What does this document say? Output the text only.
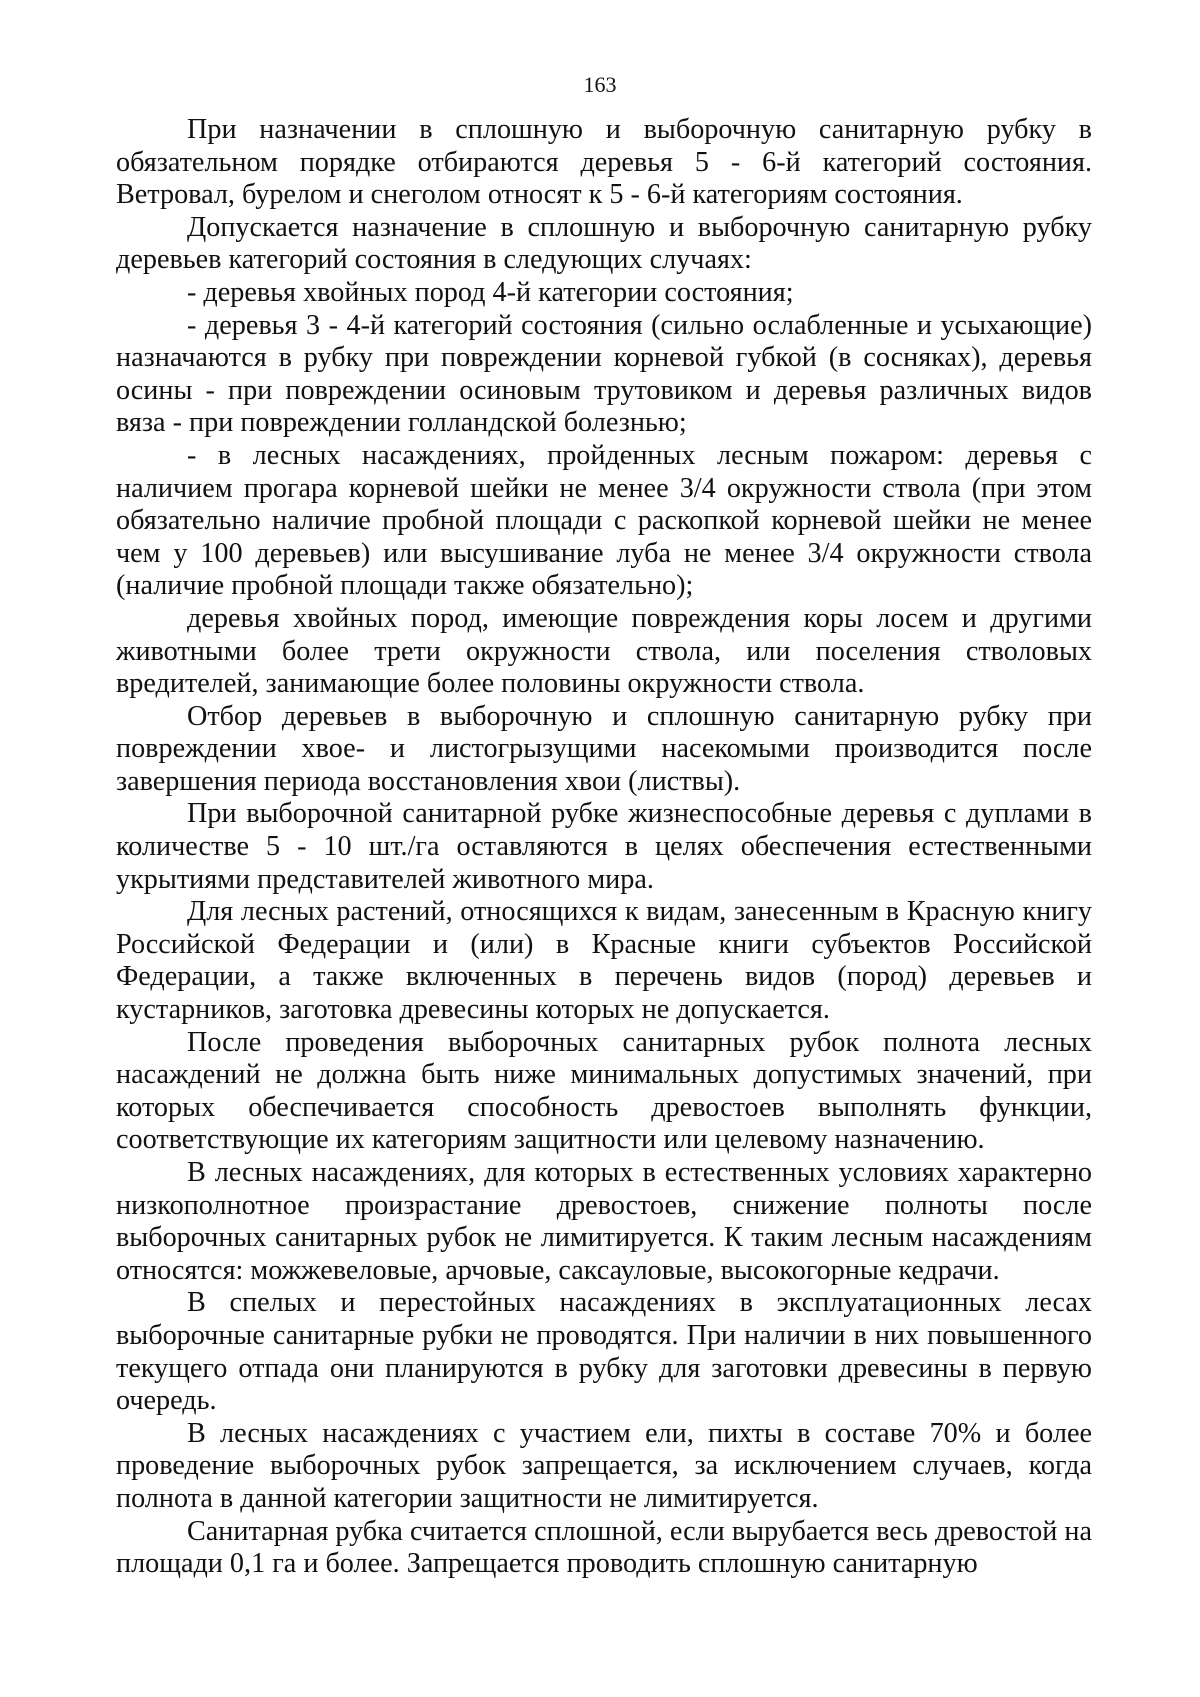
163

При назначении в сплошную и выборочную санитарную рубку в обязательном порядке отбираются деревья 5 - 6-й категорий состояния. Ветровал, бурелом и снеголом относят к 5 - 6-й категориям состояния.

Допускается назначение в сплошную и выборочную санитарную рубку деревьев категорий состояния в следующих случаях:

- деревья хвойных пород 4-й категории состояния;

- деревья 3 - 4-й категорий состояния (сильно ослабленные и усыхающие) назначаются в рубку при повреждении корневой губкой (в сосняках), деревья осины - при повреждении осиновым трутовиком и деревья различных видов вяза - при повреждении голландской болезнью;

- в лесных насаждениях, пройденных лесным пожаром: деревья с наличием прогара корневой шейки не менее 3/4 окружности ствола (при этом обязательно наличие пробной площади с раскопкой корневой шейки не менее чем у 100 деревьев) или высушивание луба не менее 3/4 окружности ствола (наличие пробной площади также обязательно);

деревья хвойных пород, имеющие повреждения коры лосем и другими животными более трети окружности ствола, или поселения стволовых вредителей, занимающие более половины окружности ствола.

Отбор деревьев в выборочную и сплошную санитарную рубку при повреждении хвое- и листогрызущими насекомыми производится после завершения периода восстановления хвои (листвы).

При выборочной санитарной рубке жизнеспособные деревья с дуплами в количестве 5 - 10 шт./га оставляются в целях обеспечения естественными укрытиями представителей животного мира.

Для лесных растений, относящихся к видам, занесенным в Красную книгу Российской Федерации и (или) в Красные книги субъектов Российской Федерации, а также включенных в перечень видов (пород) деревьев и кустарников, заготовка древесины которых не допускается.

После проведения выборочных санитарных рубок полнота лесных насаждений не должна быть ниже минимальных допустимых значений, при которых обеспечивается способность древостоев выполнять функции, соответствующие их категориям защитности или целевому назначению.

В лесных насаждениях, для которых в естественных условиях характерно низкополнотное произрастание древостоев, снижение полноты после выборочных санитарных рубок не лимитируется. К таким лесным насаждениям относятся: можжевеловые, арчовые, саксауловые, высокогорные кедрачи.

В спелых и перестойных насаждениях в эксплуатационных лесах выборочные санитарные рубки не проводятся. При наличии в них повышенного текущего отпада они планируются в рубку для заготовки древесины в первую очередь.

В лесных насаждениях с участием ели, пихты в составе 70% и более проведение выборочных рубок запрещается, за исключением случаев, когда полнота в данной категории защитности не лимитируется.

Санитарная рубка считается сплошной, если вырубается весь древостой на площади 0,1 га и более. Запрещается проводить сплошную санитарную
